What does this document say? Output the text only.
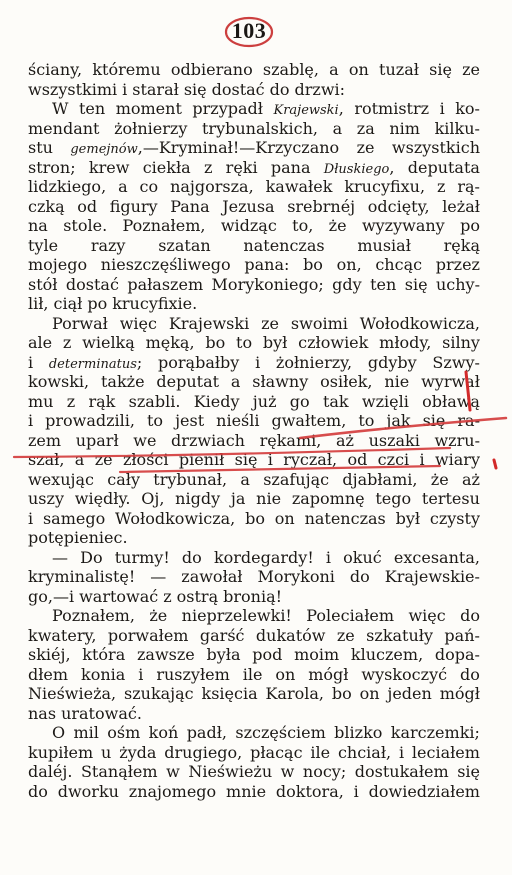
103
ściany, któremu odbierano szablę, a on tuzał się ze
wszystkimi i starał się dostać do drzwi:
W ten moment przypadł Krajewski, rotmistrz i ko-
mendant żołnierzy trybunalskich, a za nim kilku-
stu gemejnów,—Kryminał!—Krzyczano ze wszystkich
stron; krew ciekła z ręki pana Dłuskiego, deputata
lidzkiego, a co najgorsza, kawałek krucyfixu, z rą-
czką od figury Pana Jezusa srebrnéj odcięty, leżał
na stole. Poznałem, widząc to, że wyzywany po
tyle razy szatan natenczas musiał ręką
mojego nieszczęśliwego pana: bo on, chcąc przez
stół dostać pałaszem Morykoniego; gdy ten się uchy-
lił, ciął po krucyfixie.
Porwał więc Krajewski ze swoimi Wołodkowicza,
ale z wielką męką, bo to był człowiek młody, silny
i determinatus; porąbałby i żołnierzy, gdyby Szwy-
kowski, także deputat a sławny osiłek, nie wyrwał
mu z rąk szabli. Kiedy już go tak wzięli obławą
i prowadzili, to jest nieśli gwałtem, to jak się ra-
zem uparł we drzwiach rękami, aż uszaki wzru-
szał, a ze złości pienił się i ryczał, od czci i wiary
wexując cały trybunał, a szafując djabłami, że aż
uszy więdły. Oj, nigdy ja nie zapomnę tego tertesu
i samego Wołodkowicza, bo on natenczas był czysty
potępieniec.
— Do turmy! do kordegardy! i okuć excesanta,
kryminalistę! — zawołał Morykoni do Krajewskie-
go,—i wartować z ostrą bronią!
Poznałem, że nieprzelewki! Poleciałem więc do
kwatery, porwałem garść dukatów ze szkatuły pań-
skiéj, która zawsze była pod moim kluczem, dopa-
dłem konia i ruszyłem ile on mógł wyskoczyć do
Nieświeża, szukając księcia Karola, bo on jeden mógł
nas uratować.
O mil ośm koń padł, szczęściem blizko karczemki;
kupiłem u żyda drugiego, płacąc ile chciał, i leciałem
daléj. Stanąłem w Nieświeżu w nocy; dostukałem się
do dworku znajomego mnie doktora, i dowiedziałem
